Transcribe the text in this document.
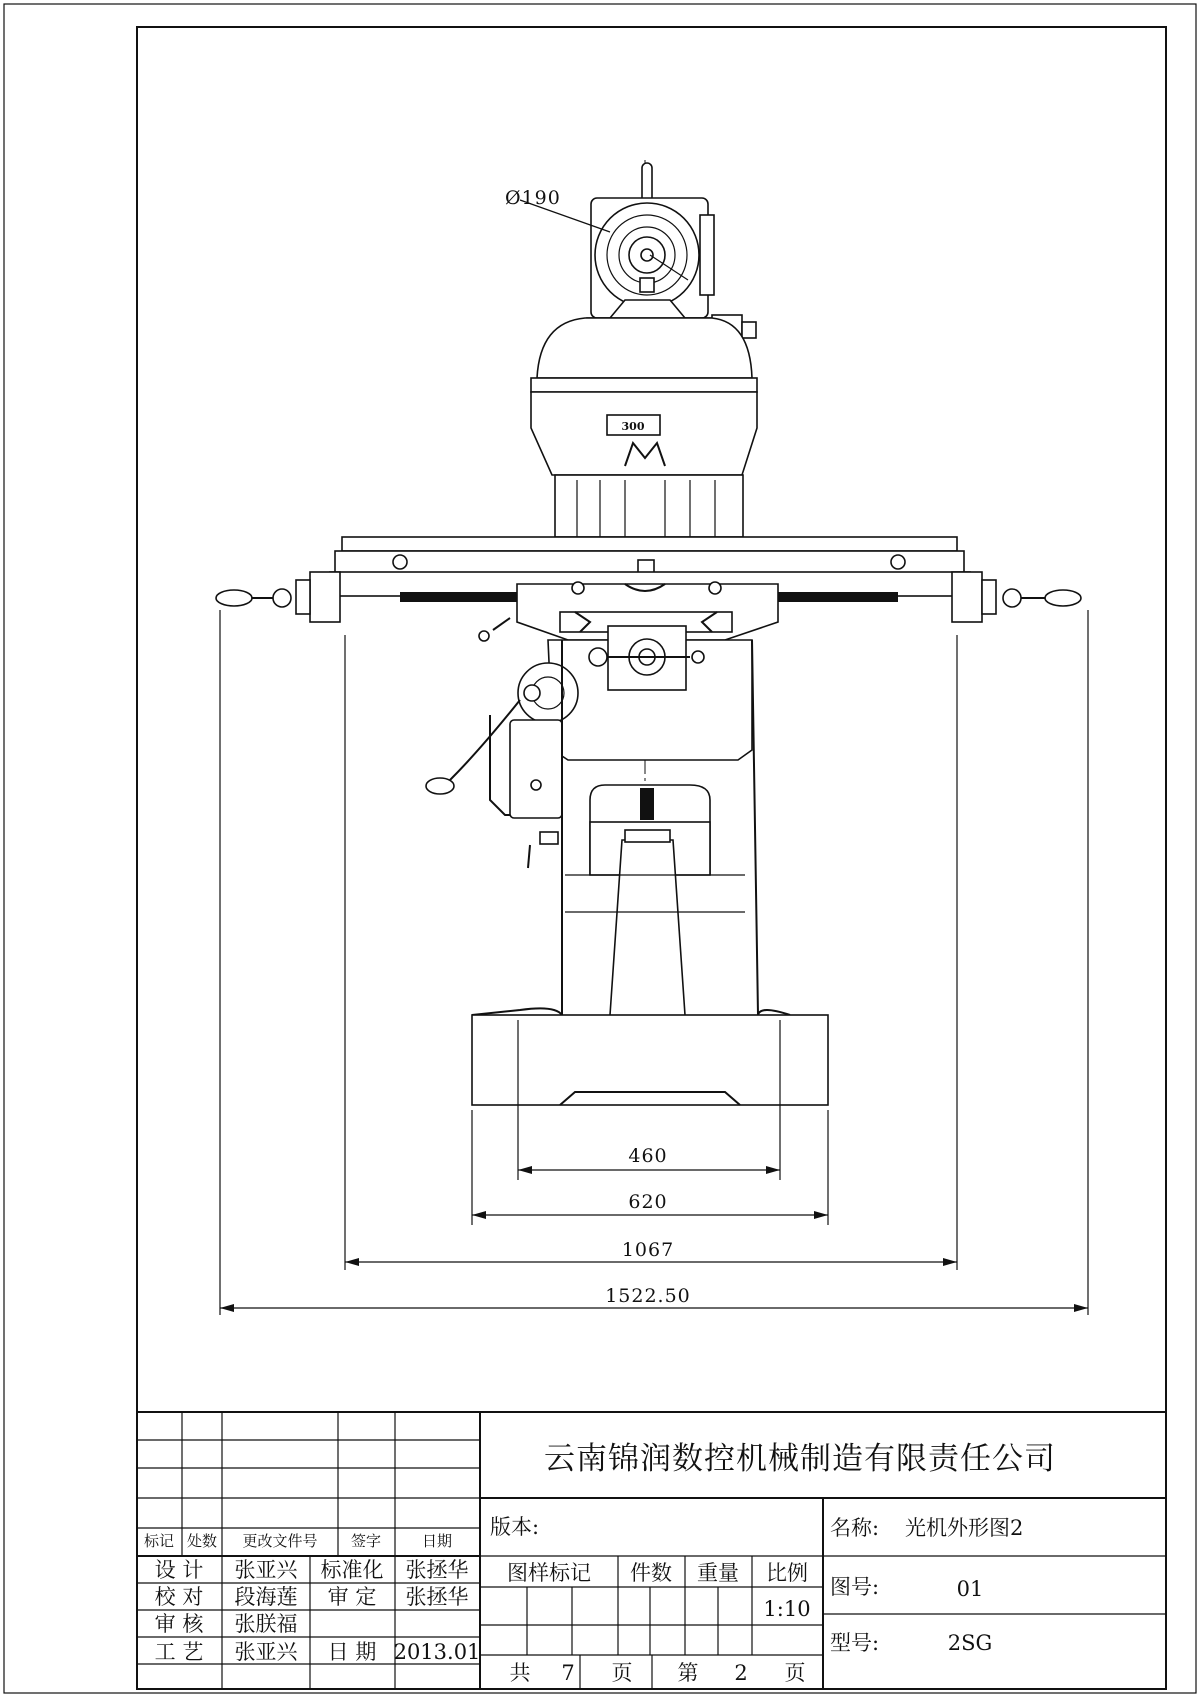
300
460
620
1067
1522.50
Ø190
云南锦润数控机械制造有限责任公司
标记 处数 更改文件号 签字	日期
设 计 张亚兴 标准化 张拯华
校 对 段海莲 审 定 张拯华
审 核 张朕福
工 艺 张亚兴 日 期 2013.01
版本:
图样标记 件数 重量 比例
1:10
共 7 页 第 2 页
名称: 光机外形图2
图号:	01
型号:	2SG
